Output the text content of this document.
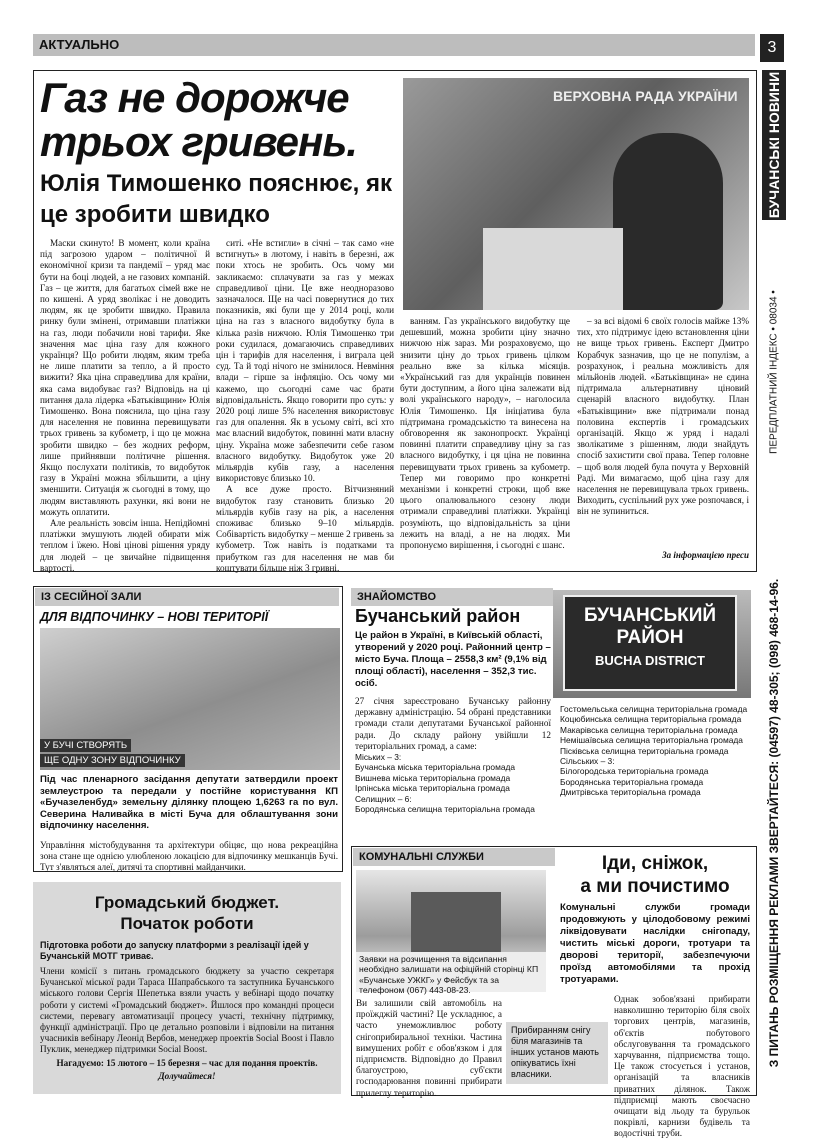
АКТУАЛЬНО	3
БУЧАНСЬКІ НОВИНИ
ПЕРЕДПЛАТНИЙ ІНДЕКС • 08034 •
З ПИТАНЬ РОЗМІЩЕННЯ РЕКЛАМИ ЗВЕРТАЙТЕСЯ: (04597) 48-305; (098) 468-14-96.
Газ не дорожче трьох гривень.
Юлія Тимошенко пояснює, як це зробити швидко
ВЕРХОВНА РАДА УКРАЇНИ

Маски скинуто! В момент, коли країна під загрозою ударом – політичної й економічної кризи та пандемії – уряд має бути на боці людей, а не газових компаній. Газ – це життя, для багатьох сімей вже не по кишені. А уряд зволікає і не доводить людям, як це зробити швидко. Правила ринку були змінені, отримавши платіжки на газ, люди побачили нові тарифи. Яке значення має ціна газу для кожного українця? Що робити людям, яким треба не лише платити за тепло, а й просто вижити? Яка ціна справедлива для країни, яка сама видобуває газ? Відповідь на ці питання дала лідерка «Батьківщини» Юлія Тимошенко. Вона пояснила, що ціна газу для населення не повинна перевищувати трьох гривень за кубометр, і що це можна зробити швидко – без жодних реформ, лише прийнявши політичне рішення. Якщо послухати політиків, то видобуток газу в Україні можна збільшити, а ціну зменшити. Ситуація ж сьогодні в тому, що людям виставляють рахунки, які вони не можуть оплатити.

Але реальність зовсім інша. Непідйомні платіжки змушують людей обирати між теплом і їжею. Нові цінові рішення уряду для людей – це звичайне підвищення вартості.

ситі. «Не встигли» в січні – так само «не встигнуть» в лютому, і навіть в березні, аж поки хтось не зробить. Ось чому ми закликаємо: сплачувати за газ у межах справедливої ціни. Це вже неодноразово зазначалося. Ще на часі повернутися до тих показників, які були ще у 2014 році, коли ціна на газ з власного видобутку була в кілька разів нижчою. Юлія Тимошенко три роки судилася, домагаючись справедливих цін і тарифів для населення, і виграла цей суд. Та й тоді нічого не змінилося. Невміння влади – гірше за інфляцію. Ось чому ми кажемо, що сьогодні саме час брати відповідальність. Якщо говорити про суть: у 2020 році лише 5% населення використовує газ для опалення. Як в усьому світі, всі хто має власний видобуток, повинні мати власну ціну. Україна може забезпечити себе газом власного видобутку. Видобуток уже 20 мільярдів кубів газу, а населення використовує близько 10.

А все дуже просто. Вітчизняний видобуток газу становить близько 20 мільярдів кубів газу на рік, а населення споживає близько 9–10 мільярдів. Собівартість видобутку – менше 2 гривень за кубометр. Тож навіть із податками та прибутком газ для населення не мав би коштувати більше ніж 3 гривні.

ванням. Газ українського видобутку ще дешевший, можна зробити ціну значно нижчою ніж зараз. Ми розраховуємо, що знизити ціну до трьох гривень цілком реально вже за кілька місяців. «Український газ для українців повинен бути доступним, а його ціна залежати від волі українського народу», – наголосила Юлія Тимошенко. Ця ініціатива була підтримана громадськістю та винесена на обговорення як законопроєкт. Українці повинні платити справедливу ціну за газ власного видобутку, і ця ціна не повинна перевищувати трьох гривень за кубометр. Тепер ми говоримо про конкретні механізми і конкретні строки, щоб вже цього опалювального сезону люди отримали справедливі платіжки. Українці розуміють, що відповідальність за ціни лежить на владі, а не на людях. Ми пропонуємо вирішення, і сьогодні є шанс.

– за всі відомі 6 своїх голосів майже 13% тих, хто підтримує ідею встановлення ціни не вище трьох гривень. Експерт Дмитро Корабчук зазначив, що це не популізм, а розрахунок, і реальна можливість для мільйонів людей. «Батьківщина» не єдина підтримала альтернативну ціновий сценарій власного видобутку. План «Батьківщини» вже підтримали понад половина експертів і громадських організацій. Якщо ж уряд і надалі зволікатиме з рішенням, люди знайдуть спосіб захистити свої права. Тепер головне – щоб воля людей була почута у Верховній Раді. Ми вимагаємо, щоб ціна газу для населення не перевищувала трьох гривень. Виходить, суспільний рух уже розпочався, і він не зупиниться.

За інформацією преси
ІЗ СЕСІЙНОЇ ЗАЛИ
ДЛЯ ВІДПОЧИНКУ – НОВІ ТЕРИТОРІЇ
У БУЧІ СТВОРЯТЬ
ЩЕ ОДНУ ЗОНУ ВІДПОЧИНКУ
Під час пленарного засідання депутати затвердили проект землеустрою та передали у постійне користування КП «Бучазеленбуд» земельну ділянку площею 1,6263 га по вул. Северина Наливайка в місті Буча для облаштування зони відпочинку населення.
Управління містобудування та архітектури обіцяє, що нова рекреаційна зона стане ще однією улюбленою локацією для відпочинку мешканців Бучі. Тут з'являться алеї, дитячі та спортивні майданчики.
Громадський бюджет.
Початок роботи
Підготовка роботи до запуску платформи з реалізації ідей у Бучанській МОТГ триває.
Члени комісії з питань громадського бюджету за участю секретаря Бучанської міської ради Тараса Шапрабського та заступника Бучанського міського голови Сергія Шепетька взяли участь у вебінарі щодо початку роботи у системі «Громадський бюджет». Йшлося про командні процеси системи, перевагу автоматизації процесу участі, технічну підтримку, функції адміністрації. Про це детально розповіли і відповіли на питання учасників вебінару Леонід Вербов, менеджер проектів Social Boost і Павло Пуклик, менеджер підтримки Social Boost.
Нагадуємо: 15 лютого – 15 березня – час для подання проектів.
Долучайтеся!
ЗНАЙОМСТВО
Бучанський район
Це район в Україні, в Київській області, утворений у 2020 році. Районний центр – місто Буча. Площа – 2558,3 км² (9,1% від площі області), населення – 352,3 тис. осіб.
БУЧАНСЬКИЙ
РАЙОН
BUCHA DISTRICT
27 січня зареєстровано Бучанську районну державну адміністрацію. 54 обрані представники громади стали депутатами Бучанської районної ради. До складу району увійшли 12 територіальних громад, а саме:
Міських – 3:
Бучанська міська територіальна громада
Вишнева міська територіальна громада
Ірпінська міська територіальна громада
Селищних – 6:
Бородянська селищна територіальна громада
Гостомельська селищна територіальна громада
Коцюбинська селищна територіальна громада
Макарівська селищна територіальна громада
Немішаївська селищна територіальна громада
Пісківська селищна територіальна громада
Сільських – 3:
Білогородська територіальна громада
Бородянська територіальна громада
Дмитрівська територіальна громада
КОМУНАЛЬНІ СЛУЖБИ
Заявки на розчищення та відсипання необхідно залишати на офіційній сторінці КП «Бучанське УЖКГ» у Фейсбук та за телефоном (067) 443-08-23.
Ви залишили свій автомобіль на проїжджій частині? Це ускладнює, а часто унеможливлює роботу снігоприбиральної техніки. Частина вимушених робіт є обов'язком і для підприємств. Відповідно до Правил благоустрою, суб'єкти господарювання повинні прибирати прилеглу територію.
Прибиранням снігу біля магазинів та інших установ мають опікуватись їхні власники.
Іди, сніжок,
а ми почистимо
Комунальні служби громади продовжують у цілодобовому режимі ліквідовувати наслідки снігопаду, чистить міські дороги, тротуари та дворові території, забезпечуючи проїзд автомобілями та прохід тротуарами.
Однак зобов'язані прибирати навколишню територію біля своїх торгових центрів, магазинів, об'єктів побутового обслуговування та громадського харчування, підприємства тощо. Це також стосується і установ, організацій та власників приватних ділянок. Також підприємці мають своєчасно очищати від льоду та бурульок покрівлі, карнизи будівель та водостічні труби.
